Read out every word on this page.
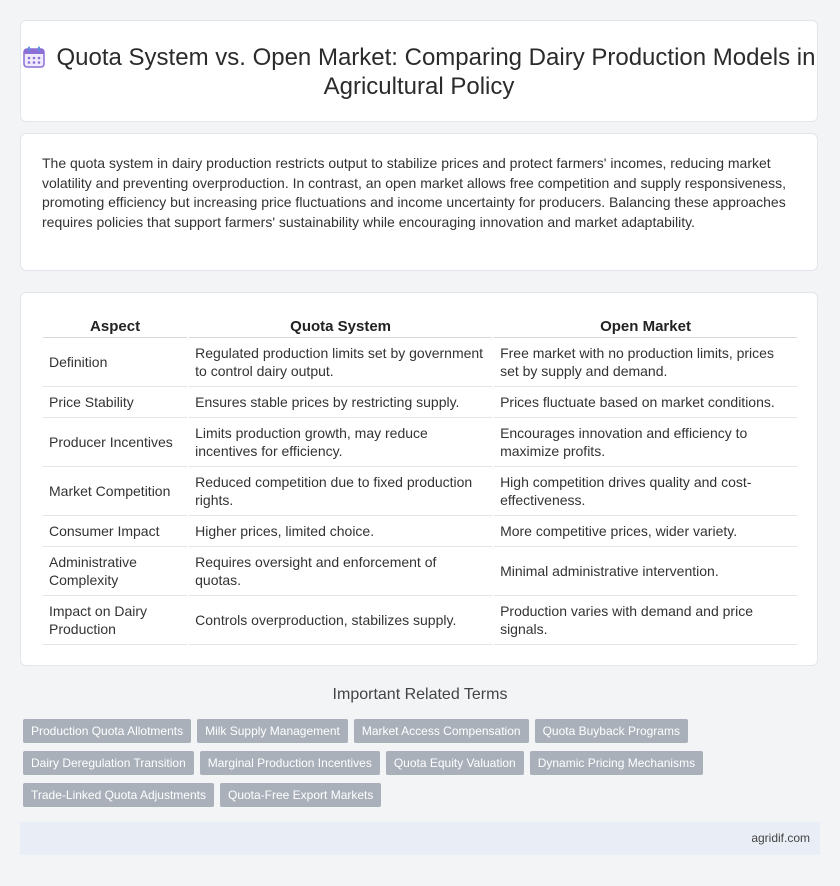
Quota System vs. Open Market: Comparing Dairy Production Models in Agricultural Policy
The quota system in dairy production restricts output to stabilize prices and protect farmers' incomes, reducing market volatility and preventing overproduction. In contrast, an open market allows free competition and supply responsiveness, promoting efficiency but increasing price fluctuations and income uncertainty for producers. Balancing these approaches requires policies that support farmers' sustainability while encouraging innovation and market adaptability.
Aspect	Quota System	Open Market
Definition	Regulated production limits set by government to control dairy output.	Free market with no production limits, prices set by supply and demand.
Price Stability	Ensures stable prices by restricting supply.	Prices fluctuate based on market conditions.
Producer Incentives	Limits production growth, may reduce incentives for efficiency.	Encourages innovation and efficiency to maximize profits.
Market Competition	Reduced competition due to fixed production rights.	High competition drives quality and cost-effectiveness.
Consumer Impact	Higher prices, limited choice.	More competitive prices, wider variety.
Administrative Complexity	Requires oversight and enforcement of quotas.	Minimal administrative intervention.
Impact on Dairy Production	Controls overproduction, stabilizes supply.	Production varies with demand and price signals.
Important Related Terms
Production Quota Allotments	Milk Supply Management	Market Access Compensation	Quota Buyback Programs
Dairy Deregulation Transition	Marginal Production Incentives	Quota Equity Valuation	Dynamic Pricing Mechanisms
Trade-Linked Quota Adjustments	Quota-Free Export Markets
agridif.com
